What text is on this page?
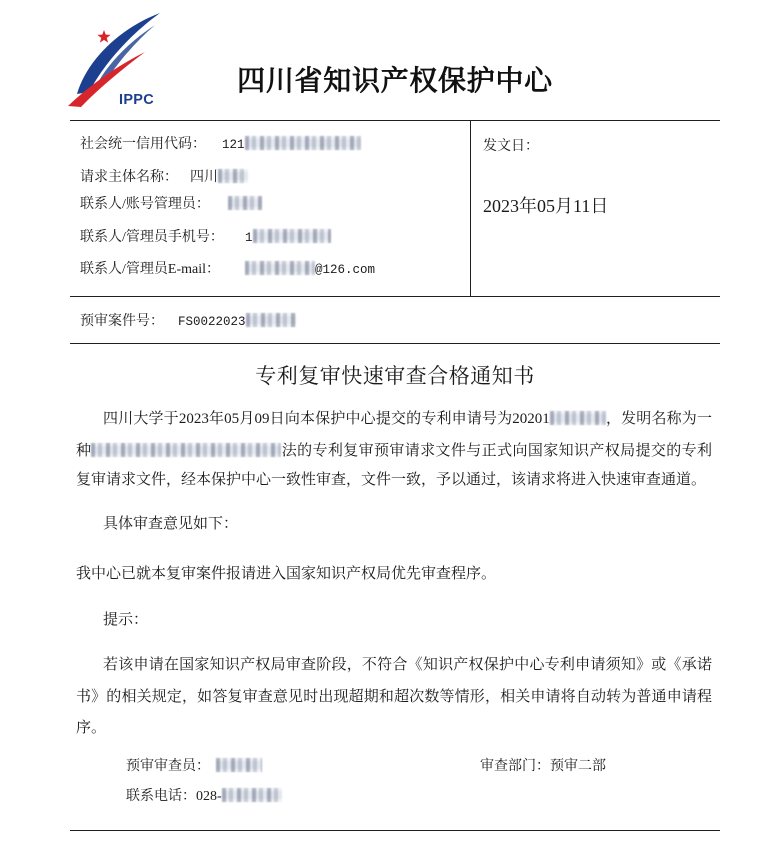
IPPC
四川省知识产权保护中心
社会统一信用代码： 121
请求主体名称： 四川
联系人/账号管理员：
联系人/管理员手机号： 1
联系人/管理员E-mail：	@126.com
发文日：
2023年05月11日
预审案件号： FS0022023
专利复审快速审查合格通知书
四川大学于2023年05月09日向本保护中心提交的专利申请号为20201	，发明名称为一
种	法的专利复审预审请求文件与正式向国家知识产权局提交的专利
复审请求文件，经本保护中心一致性审查，文件一致，予以通过，该请求将进入快速审查通道。
具体审查意见如下：
我中心已就本复审案件报请进入国家知识产权局优先审查程序。
提示：
若该申请在国家知识产权局审查阶段，不符合《知识产权保护中心专利申请须知》或《承诺
书》的相关规定，如答复审查意见时出现超期和超次数等情形，相关申请将自动转为普通申请程
序。
预审审查员：	审查部门：预审二部
联系电话：028-
